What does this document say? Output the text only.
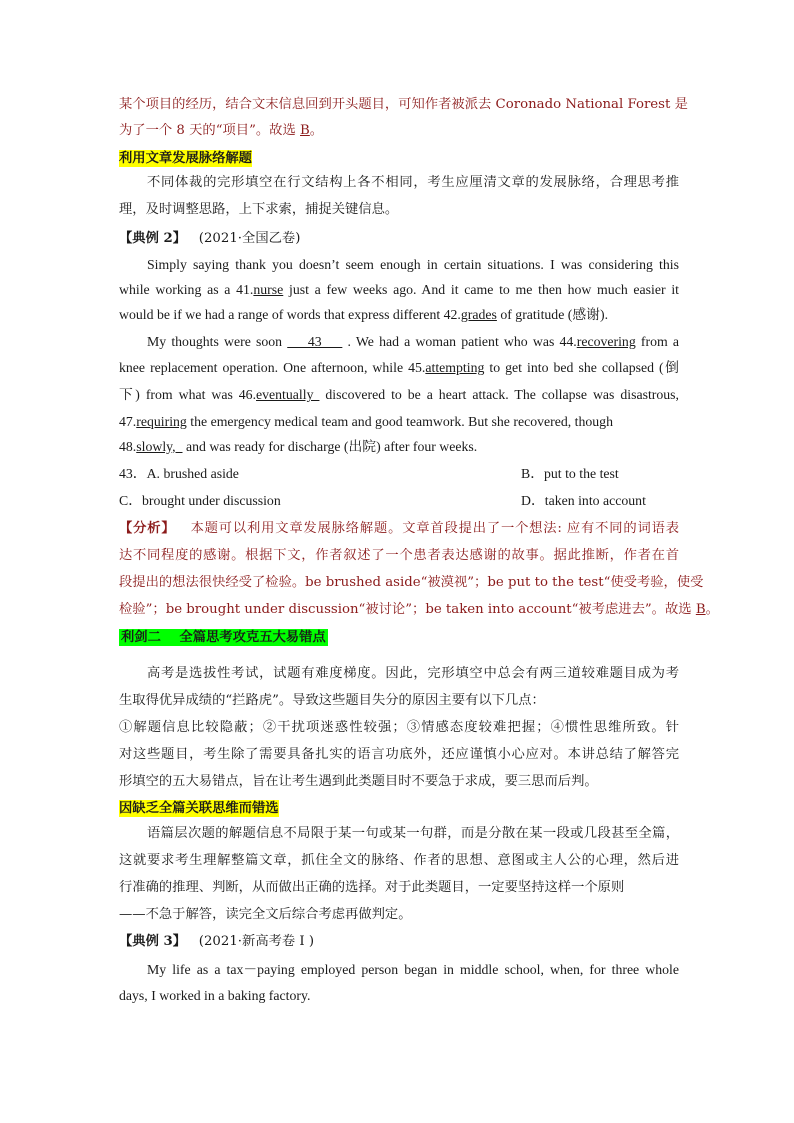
某个项目的经历，结合文末信息回到开头题目，可知作者被派去 Coronado National Forest 是

为了一个 8 天的“项目”。故选 B。

利用文章发展脉络解题

不同体裁的完形填空在行文结构上各不相同，考生应厘清文章的发展脉络，合理思考推

理，及时调整思路，上下求索，捕捉关键信息。

【典例 2】 (2021·全国乙卷)

Simply saying thank you doesn’t seem enough in certain situations. I was considering this

while working as a 41.nurse just a few weeks ago. And it came to me then how much easier it

would be if we had a range of words that express different 42.grades of gratitude (感谢).

My thoughts were soon     43     . We had a woman patient who was 44.recovering from a

knee replacement operation. One afternoon, while 45.attempting to get into bed she collapsed (倒

下) from what was 46.eventually  discovered to be a heart attack. The collapse was disastrous,

47.requiring the emergency medical team and good teamwork. But she recovered, though

48.slowly,   and was ready for discharge (出院) after four weeks.

43．A. brushed aside	B．put to the test

C．brought under discussion	D．taken into account

【分析】 本题可以利用文章发展脉络解题。文章首段提出了一个想法: 应有不同的词语表

达不同程度的感谢。根据下文，作者叙述了一个患者表达感谢的故事。据此推断，作者在首

段提出的想法很快经受了检验。be brushed aside“被漠视”；be put to the test“使受考验，使受

检验”；be brought under discussion“被讨论”；be taken into account“被考虑进去”。故选 B。

利剑二    全篇思考攻克五大易错点

高考是选拔性考试，试题有难度梯度。因此，完形填空中总会有两三道较难题目成为考

生取得优异成绩的“拦路虎”。导致这些题目失分的原因主要有以下几点：

①解题信息比较隐蔽；②干扰项迷惑性较强；③情感态度较难把握；④惯性思维所致。针

对这些题目，考生除了需要具备扎实的语言功底外，还应谨慎小心应对。本讲总结了解答完

形填空的五大易错点，旨在让考生遇到此类题目时不要急于求成，要三思而后判。

因缺乏全篇关联思维而错选

语篇层次题的解题信息不局限于某一句或某一句群，而是分散在某一段或几段甚至全篇，

这就要求考生理解整篇文章，抓住全文的脉络、作者的思想、意图或主人公的心理，然后进

行准确的推理、判断，从而做出正确的选择。对于此类题目，一定要坚持这样一个原则

——不急于解答，读完全文后综合考虑再做判定。

【典例 3】 (2021·新高考卷 I )

My life as a tax－paying employed person began in middle school, when, for three whole

days, I worked in a baking factory.
